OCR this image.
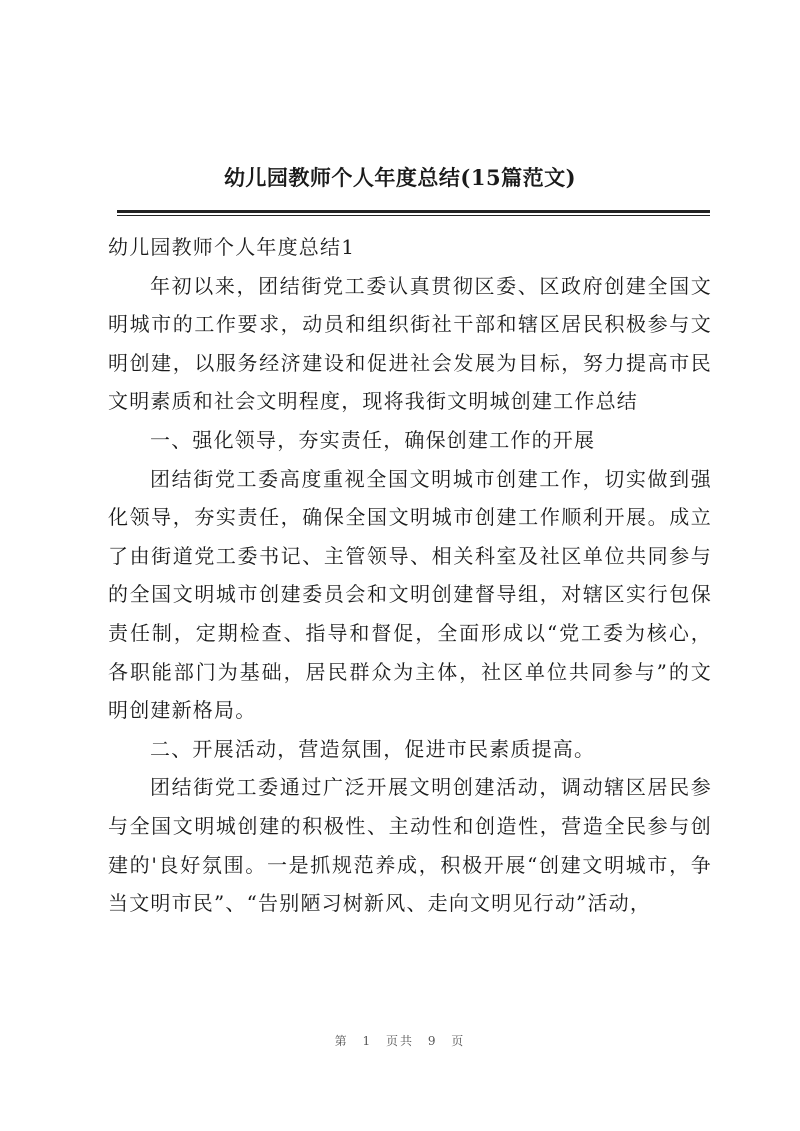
幼儿园教师个人年度总结(15篇范文)

幼儿园教师个人年度总结1

年初以来，团结街党工委认真贯彻区委、区政府创建全国文明城市的工作要求，动员和组织街社干部和辖区居民积极参与文明创建，以服务经济建设和促进社会发展为目标，努力提高市民文明素质和社会文明程度，现将我街文明城创建工作总结

一、强化领导，夯实责任，确保创建工作的开展

团结街党工委高度重视全国文明城市创建工作，切实做到强化领导，夯实责任，确保全国文明城市创建工作顺利开展。成立了由街道党工委书记、主管领导、相关科室及社区单位共同参与的全国文明城市创建委员会和文明创建督导组，对辖区实行包保责任制，定期检查、指导和督促，全面形成以“党工委为核心，各职能部门为基础，居民群众为主体，社区单位共同参与”的文明创建新格局。

二、开展活动，营造氛围，促进市民素质提高。

团结街党工委通过广泛开展文明创建活动，调动辖区居民参与全国文明城创建的积极性、主动性和创造性，营造全民参与创建的'良好氛围。一是抓规范养成，积极开展“创建文明城市，争当文明市民”、“告别陋习树新风、走向文明见行动”活动，

第 1 页共 9 页
